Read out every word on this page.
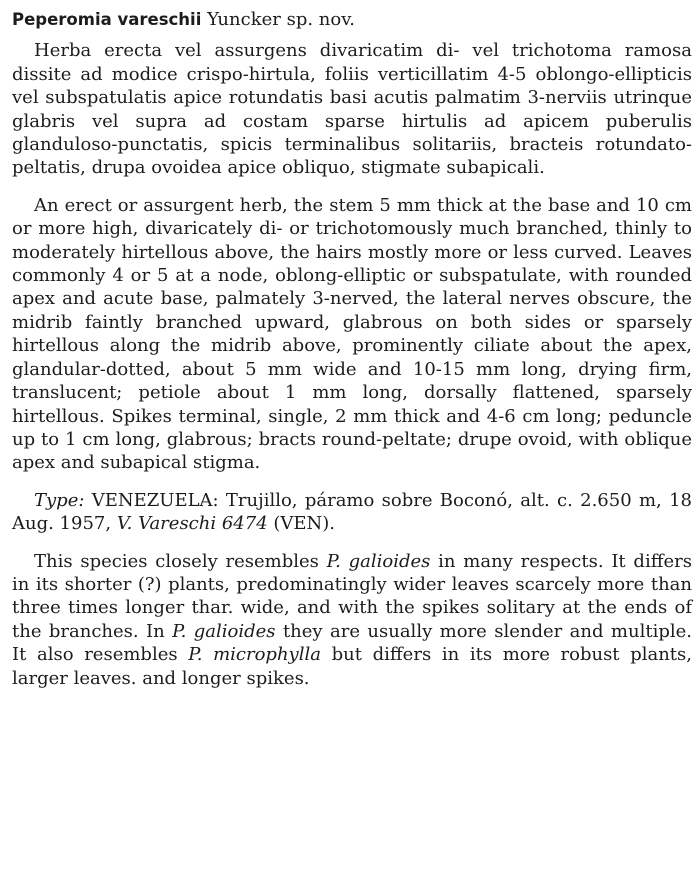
Peperomia vareschii Yuncker sp. nov.

Herba erecta vel assurgens divaricatim di- vel trichotoma ramosa dissite ad modice crispo-hirtula, foliis verticillatim 4-5 oblongo-ellipticis vel subspatulatis apice rotundatis basi acutis palmatim 3-nerviis utrinque glabris vel supra ad costam sparse hirtulis ad apicem puberulis glanduloso-punctatis, spicis terminalibus solitariis, bracteis rotundato-peltatis, drupa ovoidea apice obliquo, stigmate subapicali.

An erect or assurgent herb, the stem 5 mm thick at the base and 10 cm or more high, divaricately di- or trichotomously much branched, thinly to moderately hirtellous above, the hairs mostly more or less curved. Leaves commonly 4 or 5 at a node, oblong-elliptic or subspatulate, with rounded apex and acute base, palmately 3-nerved, the lateral nerves obscure, the midrib faintly branched upward, glabrous on both sides or sparsely hirtellous along the midrib above, prominently ciliate about the apex, glandular-dotted, about 5 mm wide and 10-15 mm long, drying firm, translucent; petiole about 1 mm long, dorsally flattened, sparsely hirtellous. Spikes terminal, single, 2 mm thick and 4-6 cm long; peduncle up to 1 cm long, glabrous; bracts round-peltate; drupe ovoid, with oblique apex and subapical stigma.

Type: VENEZUELA: Trujillo, páramo sobre Boconó, alt. c. 2.650 m, 18 Aug. 1957, V. Vareschi 6474 (VEN).

This species closely resembles P. galioides in many respects. It differs in its shorter (?) plants, predominatingly wider leaves scarcely more than three times longer thar. wide, and with the spikes solitary at the ends of the branches. In P. galioides they are usually more slender and multiple. It also resembles P. microphylla but differs in its more robust plants, larger leaves. and longer spikes.
